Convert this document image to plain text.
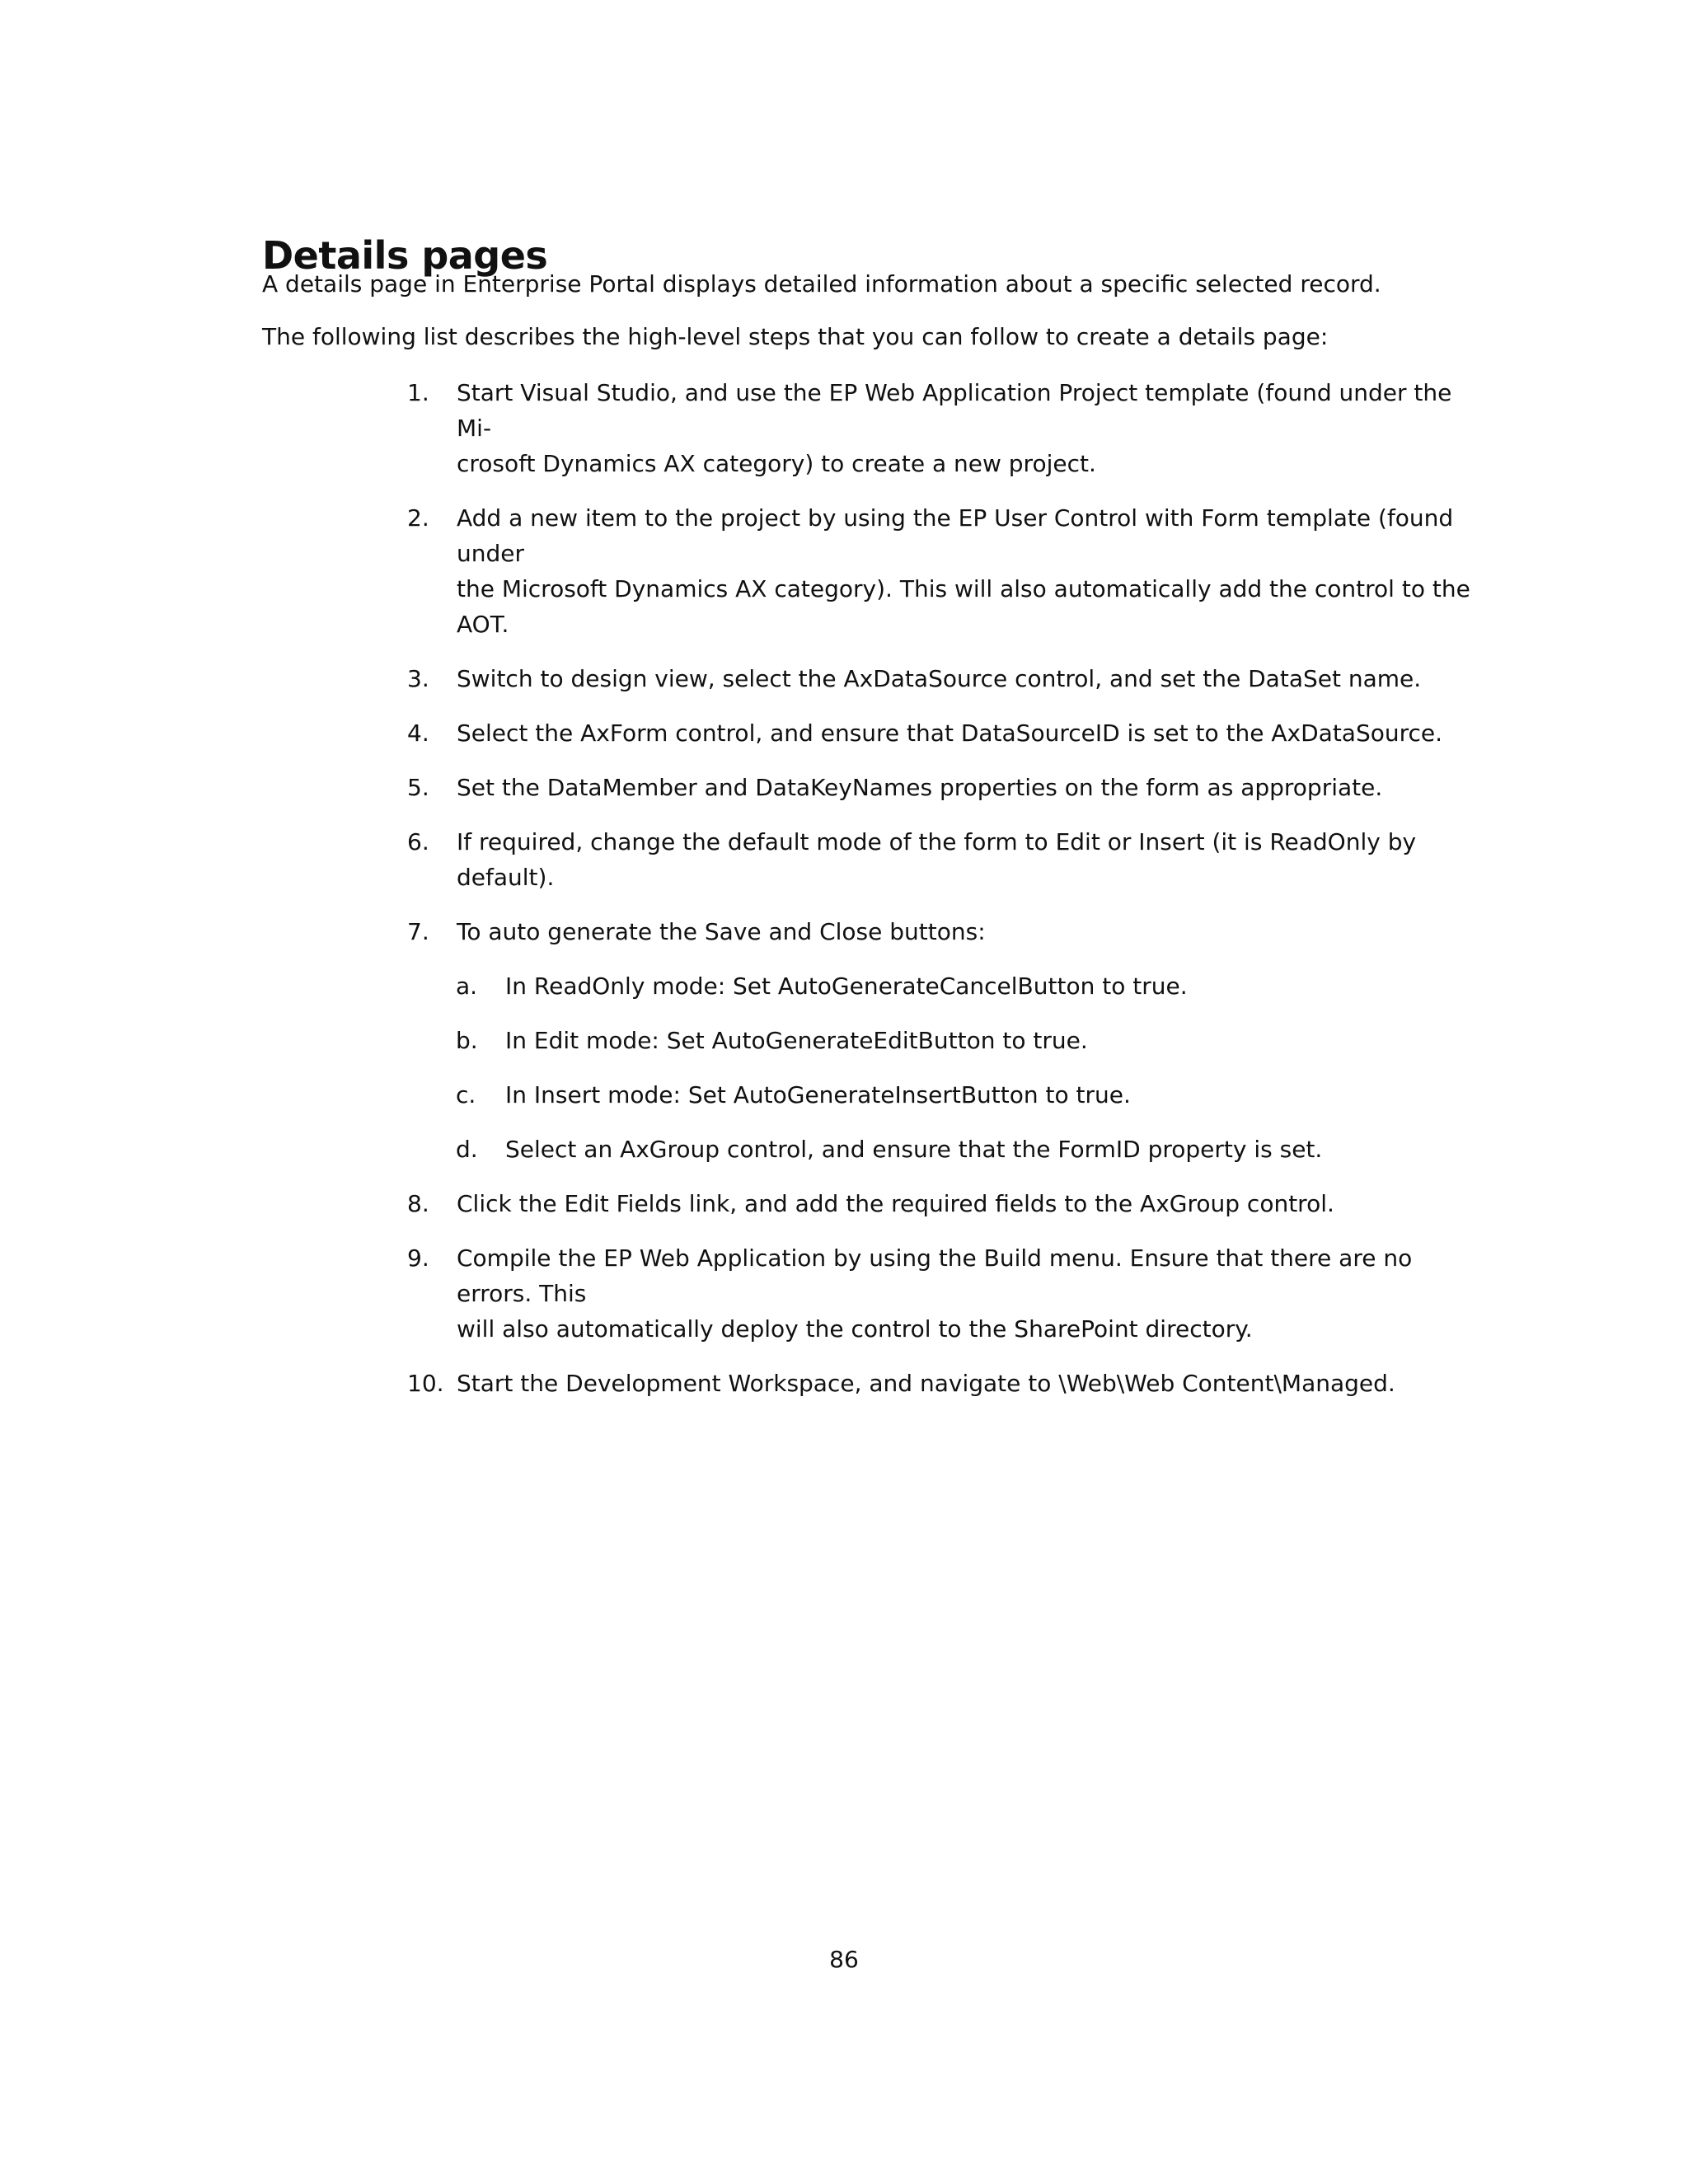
Details pages
A details page in Enterprise Portal displays detailed information about a specific selected record.
The following list describes the high-level steps that you can follow to create a details page:
1.	Start Visual Studio, and use the EP Web Application Project template (found under the Mi-
crosoft Dynamics AX category) to create a new project.
2.	Add a new item to the project by using the EP User Control with Form template (found under
the Microsoft Dynamics AX category). This will also automatically add the control to the AOT.
3.	Switch to design view, select the AxDataSource control, and set the DataSet name.
4.	Select the AxForm control, and ensure that DataSourceID is set to the AxDataSource.
5.	Set the DataMember and DataKeyNames properties on the form as appropriate.
6.	If required, change the default mode of the form to Edit or Insert (it is ReadOnly by default).
7.	To auto generate the Save and Close buttons:
a.	In ReadOnly mode: Set AutoGenerateCancelButton to true.
b.	In Edit mode: Set AutoGenerateEditButton to true.
c.	In Insert mode: Set AutoGenerateInsertButton to true.
d.	Select an AxGroup control, and ensure that the FormID property is set.
8.	Click the Edit Fields link, and add the required fields to the AxGroup control.
9.	Compile the EP Web Application by using the Build menu. Ensure that there are no errors. This
will also automatically deploy the control to the SharePoint directory.
10. Start the Development Workspace, and navigate to \Web\Web Content\Managed.
86
